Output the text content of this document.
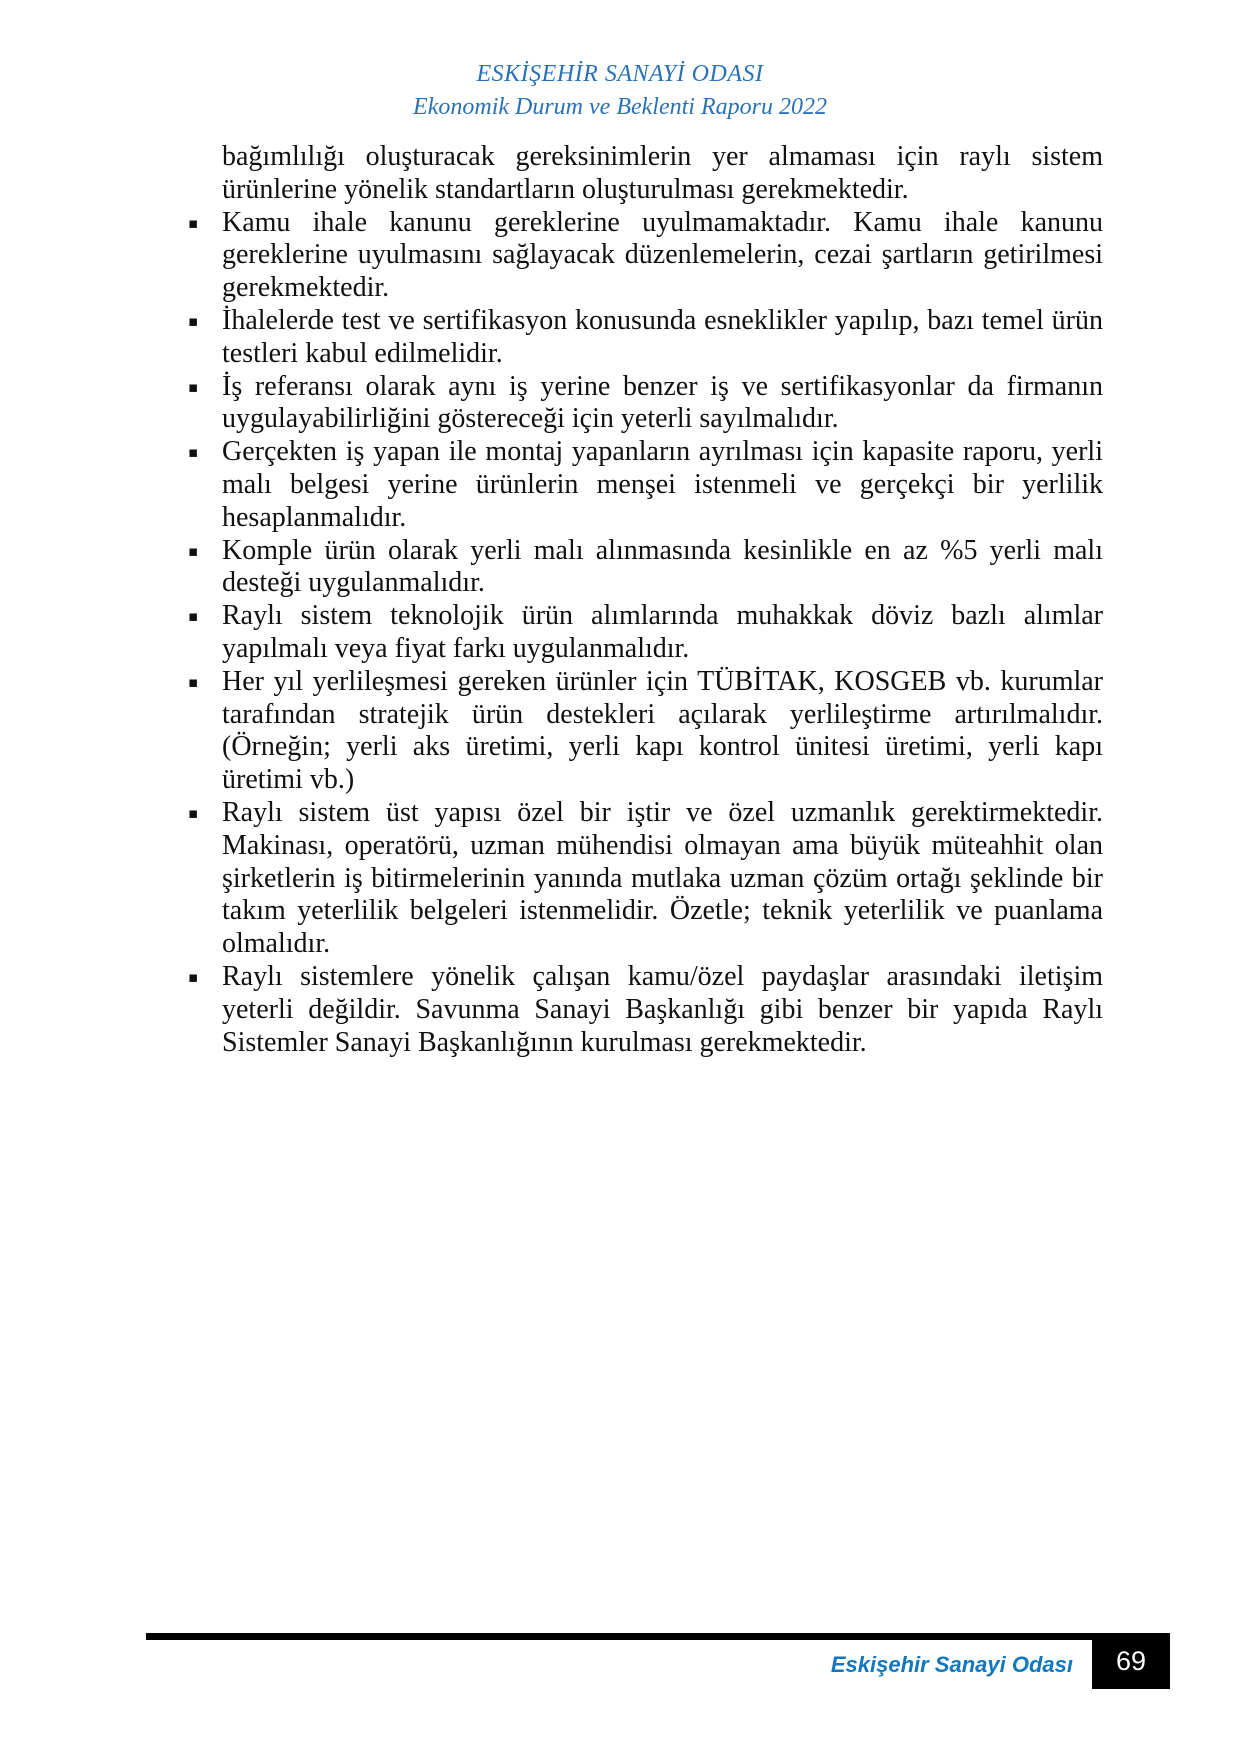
ESKİŞEHİR SANAYİ ODASI
Ekonomik Durum ve Beklenti Raporu 2022

bağımlılığı oluşturacak gereksinimlerin yer almaması için raylı sistem ürünlerine yönelik standartların oluşturulması gerekmektedir.

▪ Kamu ihale kanunu gereklerine uyulmamaktadır. Kamu ihale kanunu gereklerine uyulmasını sağlayacak düzenlemelerin, cezai şartların getirilmesi gerekmektedir.
▪ İhalelerde test ve sertifikasyon konusunda esneklikler yapılıp, bazı temel ürün testleri kabul edilmelidir.
▪ İş referansı olarak aynı iş yerine benzer iş ve sertifikasyonlar da firmanın uygulayabilirliğini göstereceği için yeterli sayılmalıdır.
▪ Gerçekten iş yapan ile montaj yapanların ayrılması için kapasite raporu, yerli malı belgesi yerine ürünlerin menşei istenmeli ve gerçekçi bir yerlilik hesaplanmalıdır.
▪ Komple ürün olarak yerli malı alınmasında kesinlikle en az %5 yerli malı desteği uygulanmalıdır.
▪ Raylı sistem teknolojik ürün alımlarında muhakkak döviz bazlı alımlar yapılmalı veya fiyat farkı uygulanmalıdır.
▪ Her yıl yerlileşmesi gereken ürünler için TÜBİTAK, KOSGEB vb. kurumlar tarafından stratejik ürün destekleri açılarak yerlileştirme artırılmalıdır. (Örneğin; yerli aks üretimi, yerli kapı kontrol ünitesi üretimi, yerli kapı üretimi vb.)
▪ Raylı sistem üst yapısı özel bir iştir ve özel uzmanlık gerektirmektedir. Makinası, operatörü, uzman mühendisi olmayan ama büyük müteahhit olan şirketlerin iş bitirmelerinin yanında mutlaka uzman çözüm ortağı şeklinde bir takım yeterlilik belgeleri istenmelidir. Özetle; teknik yeterlilik ve puanlama olmalıdır.
▪ Raylı sistemlere yönelik çalışan kamu/özel paydaşlar arasındaki iletişim yeterli değildir. Savunma Sanayi Başkanlığı gibi benzer bir yapıda Raylı Sistemler Sanayi Başkanlığının kurulması gerekmektedir.
Eskişehir Sanayi Odası 69
